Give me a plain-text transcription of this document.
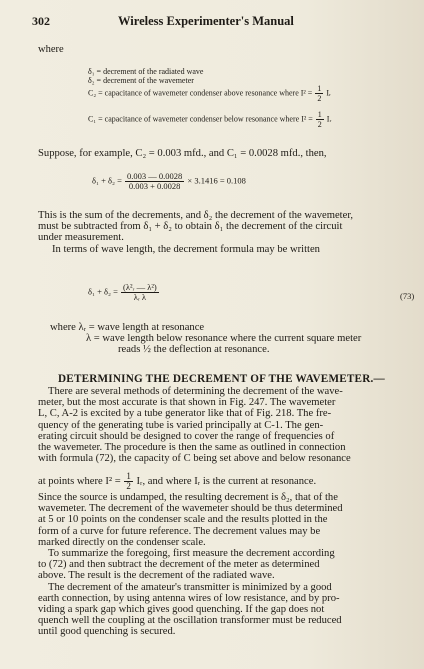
302	Wireless Experimenter's Manual
where
δ₁ = decrement of the radiated wave
δ₂ = decrement of the wavemeter
C₂ = capacitance of wavemeter condenser above resonance where $I^2 = \frac{1}{2}$ Iᵣ
C₁ = capacitance of wavemeter condenser below resonance where $I^2 = \frac{1}{2}$ Iᵣ
Suppose, for example, C₂ = 0.003 mfd., and C₁ = 0.0028 mfd., then,
$\delta_1 + \delta_2 = \frac{0.003 — 0.0028}{0.003 + 0.0028} \times 3.1416 = 0.108$
This is the sum of the decrements, and δ₂ the decrement of the wavemeter,
must be subtracted from δ₁ + δ₂ to obtain δ₁ the decrement of the circuit
under measurement.
In terms of wave length, the decrement formula may be written
$\delta_1 + \delta_2 = \frac{\text{(λ²ᵣ — λ²)}}{\text{λᵣ λ}}$	(73)
where λᵣ = wave length at resonance
λ = wave length below resonance where the current square meter
reads ½ the deflection at resonance.
DETERMINING THE DECREMENT OF THE WAVEMETER.—
There are several methods of determining the decrement of the wave-
meter, but the most accurate is that shown in Fig. 247. The wavemeter
L, C, A-2 is excited by a tube generator like that of Fig. 218. The fre-
quency of the generating tube is varied principally at C-1. The gen-
erating circuit should be designed to cover the range of frequencies of
the wavemeter. The procedure is then the same as outlined in connection
with formula (72), the capacity of C being set above and below resonance
at points where $I^2 = \frac{1}{2}$ Iᵣ, and where Iᵣ is the current at resonance.
Since the source is undamped, the resulting decrement is δ₂, that of the
wavemeter. The decrement of the wavemeter should be thus determined
at 5 or 10 points on the condenser scale and the results plotted in the
form of a curve for future reference. The decrement values may be
marked directly on the condenser scale.
To summarize the foregoing, first measure the decrement according
to (72) and then subtract the decrement of the meter as determined
above. The result is the decrement of the radiated wave.
The decrement of the amateur's transmitter is minimized by a good
earth connection, by using antenna wires of low resistance, and by pro-
viding a spark gap which gives good quenching. If the gap does not
quench well the coupling at the oscillation transformer must be reduced
until good quenching is secured.
